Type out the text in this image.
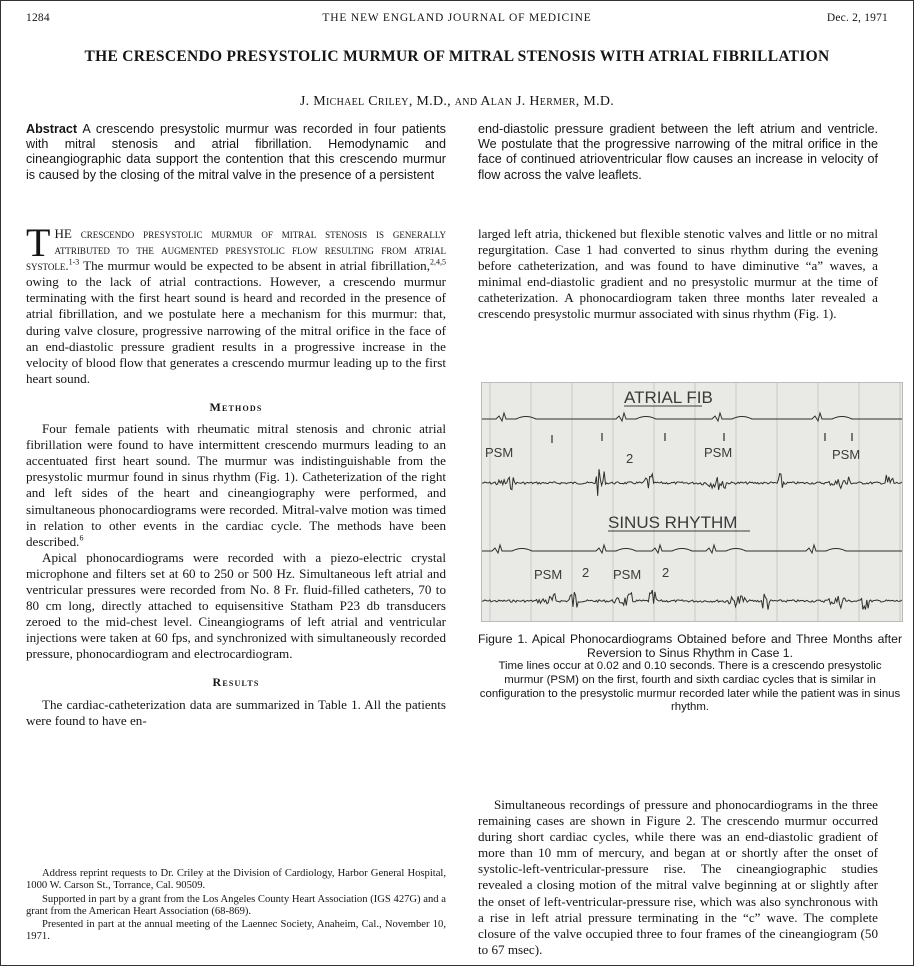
1284	THE NEW ENGLAND JOURNAL OF MEDICINE	Dec. 2, 1971
THE CRESCENDO PRESYSTOLIC MURMUR OF MITRAL STENOSIS WITH ATRIAL FIBRILLATION
J. Michael Criley, M.D., and Alan J. Hermer, M.D.
Abstract A crescendo presystolic murmur was recorded in four patients with mitral stenosis and atrial fibrillation. Hemodynamic and cineangiographic data support the contention that this crescendo murmur is caused by the closing of the mitral valve in the presence of a persistent
end-diastolic pressure gradient between the left atrium and ventricle. We postulate that the progressive narrowing of the mitral orifice in the face of continued atrioventricular flow causes an increase in velocity of flow across the valve leaflets.

THE crescendo presystolic murmur of mitral stenosis is generally attributed to the augmented presystolic flow resulting from atrial systole.$^{1-3}$ The murmur would be expected to be absent in atrial fibrillation,$^{2,4,5}$ owing to the lack of atrial contractions. However, a crescendo murmur terminating with the first heart sound is heard and recorded in the presence of atrial fibrillation, and we postulate here a mechanism for this murmur: that, during valve closure, progressive narrowing of the mitral orifice in the face of an end-diastolic pressure gradient results in a progressive increase in the velocity of blood flow that generates a crescendo murmur leading up to the first heart sound.

Methods

Four female patients with rheumatic mitral stenosis and chronic atrial fibrillation were found to have intermittent crescendo murmurs leading to an accentuated first heart sound. The murmur was indistinguishable from the presystolic murmur found in sinus rhythm (Fig. 1). Catheterization of the right and left sides of the heart and cineangiography were performed, and simultaneous phonocardiograms were recorded. Mitral-valve motion was timed in relation to other events in the cardiac cycle. The methods have been described.$^6$

Apical phonocardiograms were recorded with a piezo-electric crystal microphone and filters set at 60 to 250 or 500 Hz. Simultaneous left atrial and ventricular pressures were recorded from No. 8 Fr. fluid-filled catheters, 70 to 80 cm long, directly attached to equisensitive Statham P23 db transducers zeroed to the mid-chest level. Cineangiograms of left atrial and ventricular injections were taken at 60 fps, and synchronized with simultaneously recorded pressure, phonocardiogram and electrocardiogram.

Results

The cardiac-catheterization data are summarized in Table 1. All the patients were found to have en-

Address reprint requests to Dr. Criley at the Division of Cardiology, Harbor General Hospital, 1000 W. Carson St., Torrance, Cal. 90509.

Supported in part by a grant from the Los Angeles County Heart Association (IGS 427G) and a grant from the American Heart Association (68-869).

Presented in part at the annual meeting of the Laennec Society, Anaheim, Cal., November 10, 1971.

larged left atria, thickened but flexible stenotic valves and little or no mitral regurgitation. Case 1 had converted to sinus rhythm during the evening before catheterization, and was found to have diminutive “a” waves, a minimal end-diastolic gradient and no presystolic murmur at the time of catheterization. A phonocardiogram taken three months later revealed a crescendo presystolic murmur associated with sinus rhythm (Fig. 1).

ATRIAL FIB
SINUS RHYTHM
PSM	2	PSM	PSM
PSM 2 PSM 2
Figure 1. Apical Phonocardiograms Obtained before and Three Months after Reversion to Sinus Rhythm in Case 1.
Time lines occur at 0.02 and 0.10 seconds. There is a crescendo presystolic murmur (PSM) on the first, fourth and sixth cardiac cycles that is similar in configuration to the presystolic murmur recorded later while the patient was in sinus rhythm.

Simultaneous recordings of pressure and phonocardiograms in the three remaining cases are shown in Figure 2. The crescendo murmur occurred during short cardiac cycles, while there was an end-diastolic gradient of more than 10 mm of mercury, and began at or shortly after the onset of systolic-left-ventricular-pressure rise. The cineangiographic studies revealed a closing motion of the mitral valve beginning at or slightly after the onset of left-ventricular-pressure rise, which was also synchronous with a rise in left atrial pressure terminating in the “c” wave. The complete closure of the valve occupied three to four frames of the cineangiogram (50 to 67 msec).
